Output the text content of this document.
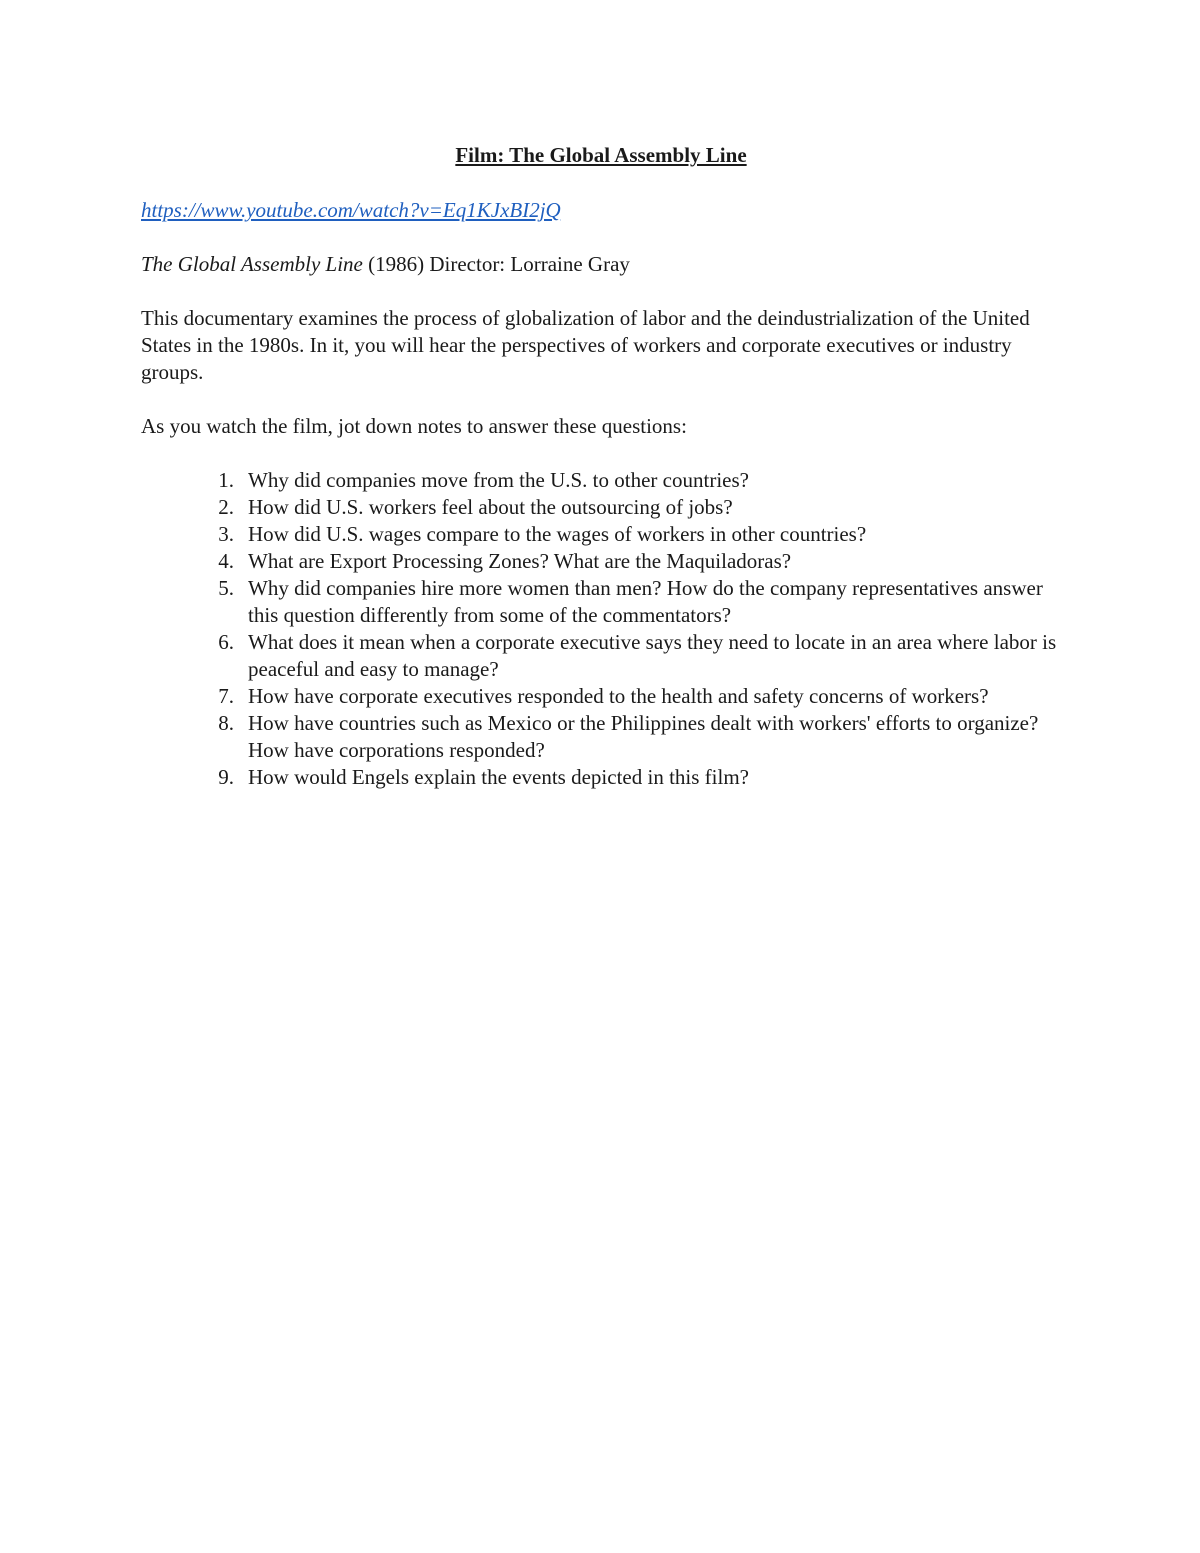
Film: The Global Assembly Line
https://www.youtube.com/watch?v=Eq1KJxBI2jQ
The Global Assembly Line (1986) Director: Lorraine Gray
This documentary examines the process of globalization of labor and the deindustrialization of the United States in the 1980s. In it, you will hear the perspectives of workers and corporate executives or industry groups.
As you watch the film, jot down notes to answer these questions:
1. Why did companies move from the U.S. to other countries?
2. How did U.S. workers feel about the outsourcing of jobs?
3. How did U.S. wages compare to the wages of workers in other countries?
4. What are Export Processing Zones? What are the Maquiladoras?
5. Why did companies hire more women than men? How do the company representatives answer this question differently from some of the commentators?
6. What does it mean when a corporate executive says they need to locate in an area where labor is peaceful and easy to manage?
7. How have corporate executives responded to the health and safety concerns of workers?
8. How have countries such as Mexico or the Philippines dealt with workers' efforts to organize? How have corporations responded?
9. How would Engels explain the events depicted in this film?
